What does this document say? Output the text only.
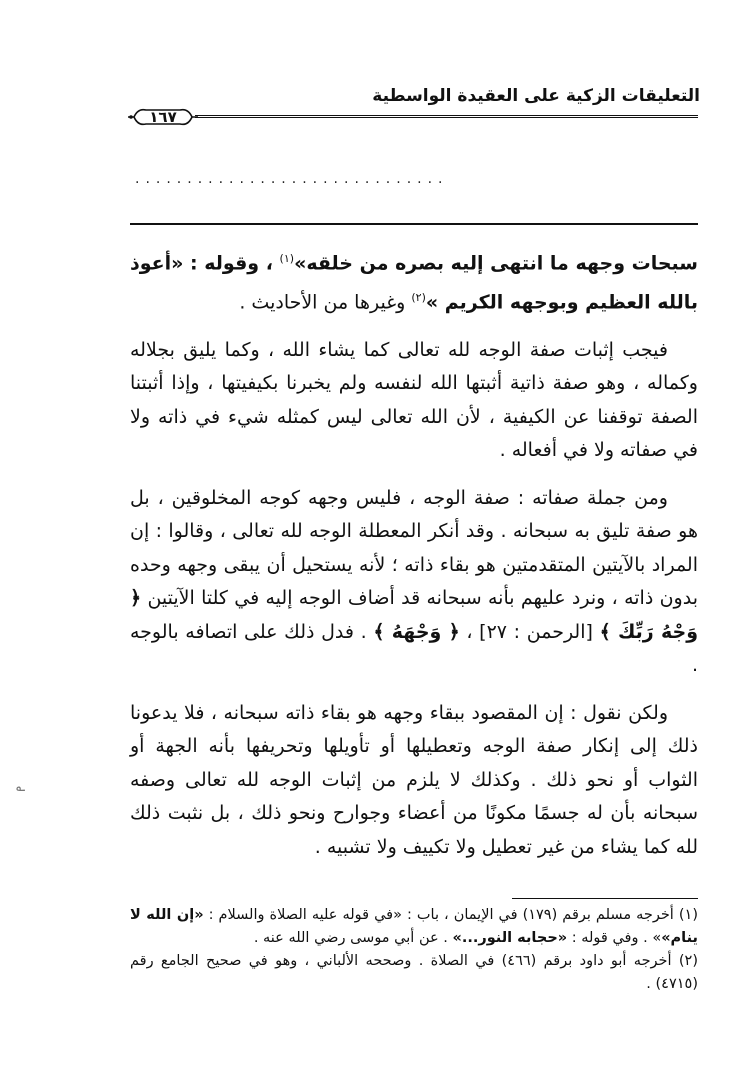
التعليقات الزكية على العقيدة الواسطية
١٦٧
..............................

سبحات وجهه ما انتهى إليه بصره من خلقه»$^{(١)}$ ، وقوله : «أعوذ بالله العظيم وبوجهه الكريم »$^{(٢)}$ وغيرها من الأحاديث .

فيجب إثبات صفة الوجه لله تعالى كما يشاء الله ، وكما يليق بجلاله وكماله ، وهو صفة ذاتية أثبتها الله لنفسه ولم يخبرنا بكيفيتها ، وإذا أثبتنا الصفة توقفنا عن الكيفية ، لأن الله تعالى ليس كمثله شيء في ذاته ولا في صفاته ولا في أفعاله .

ومن جملة صفاته : صفة الوجه ، فليس وجهه كوجه المخلوقين ، بل هو صفة تليق به سبحانه . وقد أنكر المعطلة الوجه لله تعالى ، وقالوا : إن المراد بالآيتين المتقدمتين هو بقاء ذاته ؛ لأنه يستحيل أن يبقى وجهه وحده بدون ذاته ، ونرد عليهم بأنه سبحانه قد أضاف الوجه إليه في كلتا الآيتين ﴿ وَجْهُ رَبِّكَ ﴾ [الرحمن : ٢٧] ، ﴿ وَجْهَهُ ﴾ . فدل ذلك على اتصافه بالوجه .

ولكن نقول : إن المقصود ببقاء وجهه هو بقاء ذاته سبحانه ، فلا يدعونا ذلك إلى إنكار صفة الوجه وتعطيلها أو تأويلها وتحريفها بأنه الجهة أو الثواب أو نحو ذلك . وكذلك لا يلزم من إثبات الوجه لله تعالى وصفه سبحانه بأن له جسمًا مكونًا من أعضاء وجوارح ونحو ذلك ، بل نثبت ذلك لله كما يشاء من غير تعطيل ولا تكييف ولا تشبيه .

؎

(١) أخرجه مسلم برقم (١٧٩) في الإيمان ، باب : «في قوله عليه الصلاة والسلام : «إن الله لا ينام»» . وفي قوله : «حجابه النور...» . عن أبي موسى رضي الله عنه .

(٢) أخرجه أبو داود برقم (٤٦٦) في الصلاة . وصححه الألباني ، وهو في صحيح الجامع رقم (٤٧١٥) .
